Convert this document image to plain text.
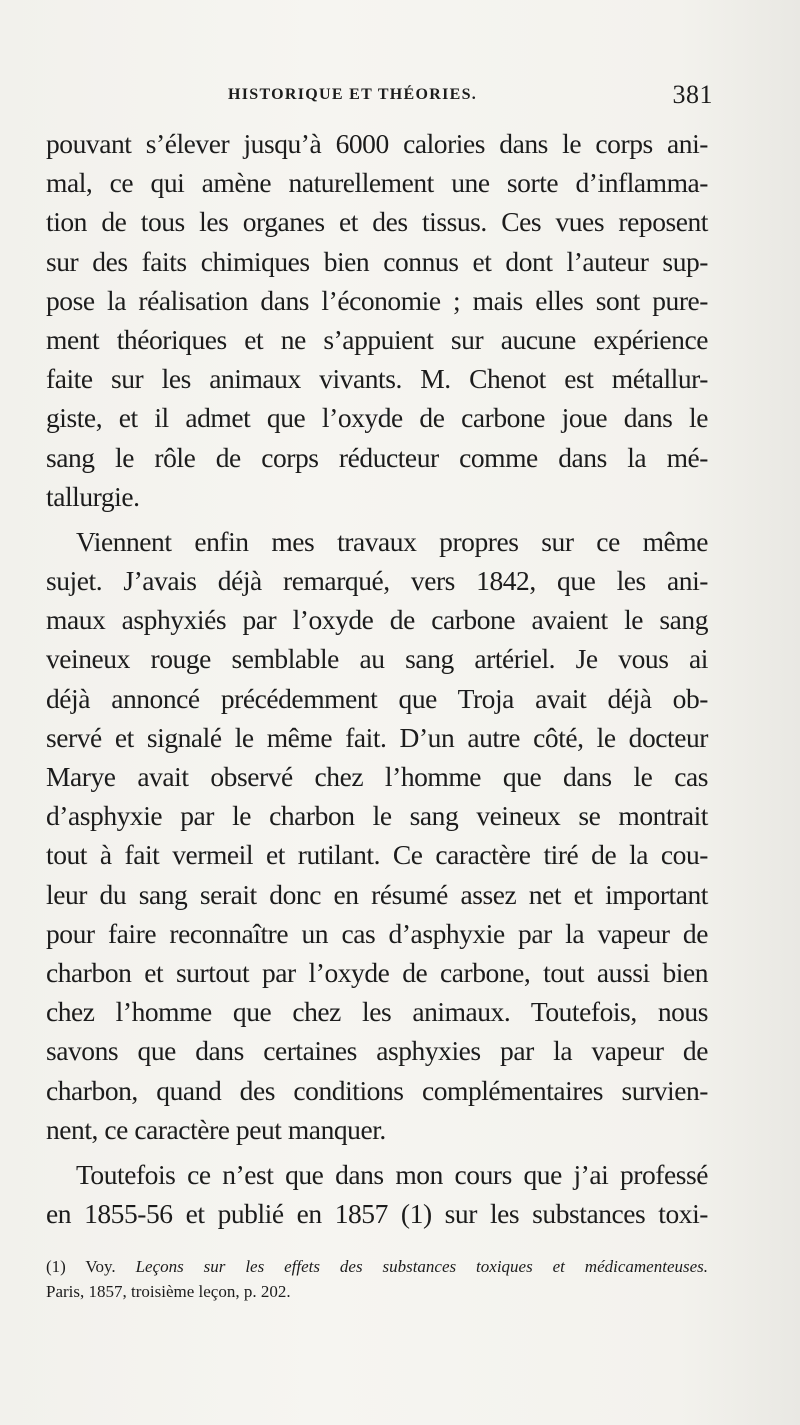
HISTORIQUE ET THÉORIES.	381
pouvant s’élever jusqu’à 6000 calories dans le corps ani-
mal, ce qui amène naturellement une sorte d’inflamma-
tion de tous les organes et des tissus. Ces vues reposent
sur des faits chimiques bien connus et dont l’auteur sup-
pose la réalisation dans l’économie ; mais elles sont pure-
ment théoriques et ne s’appuient sur aucune expérience
faite sur les animaux vivants. M. Chenot est métallur-
giste, et il admet que l’oxyde de carbone joue dans le
sang le rôle de corps réducteur comme dans la mé-
tallurgie.
Viennent enfin mes travaux propres sur ce même
sujet. J’avais déjà remarqué, vers 1842, que les ani-
maux asphyxiés par l’oxyde de carbone avaient le sang
veineux rouge semblable au sang artériel. Je vous ai
déjà annoncé précédemment que Troja avait déjà ob-
servé et signalé le même fait. D’un autre côté, le docteur
Marye avait observé chez l’homme que dans le cas
d’asphyxie par le charbon le sang veineux se montrait
tout à fait vermeil et rutilant. Ce caractère tiré de la cou-
leur du sang serait donc en résumé assez net et important
pour faire reconnaître un cas d’asphyxie par la vapeur de
charbon et surtout par l’oxyde de carbone, tout aussi bien
chez l’homme que chez les animaux. Toutefois, nous
savons que dans certaines asphyxies par la vapeur de
charbon, quand des conditions complémentaires survien-
nent, ce caractère peut manquer.
Toutefois ce n’est que dans mon cours que j’ai professé
en 1855-56 et publié en 1857 (1) sur les substances toxi-
(1) Voy. Leçons sur les effets des substances toxiques et médicamenteuses.
Paris, 1857, troisième leçon, p. 202.
